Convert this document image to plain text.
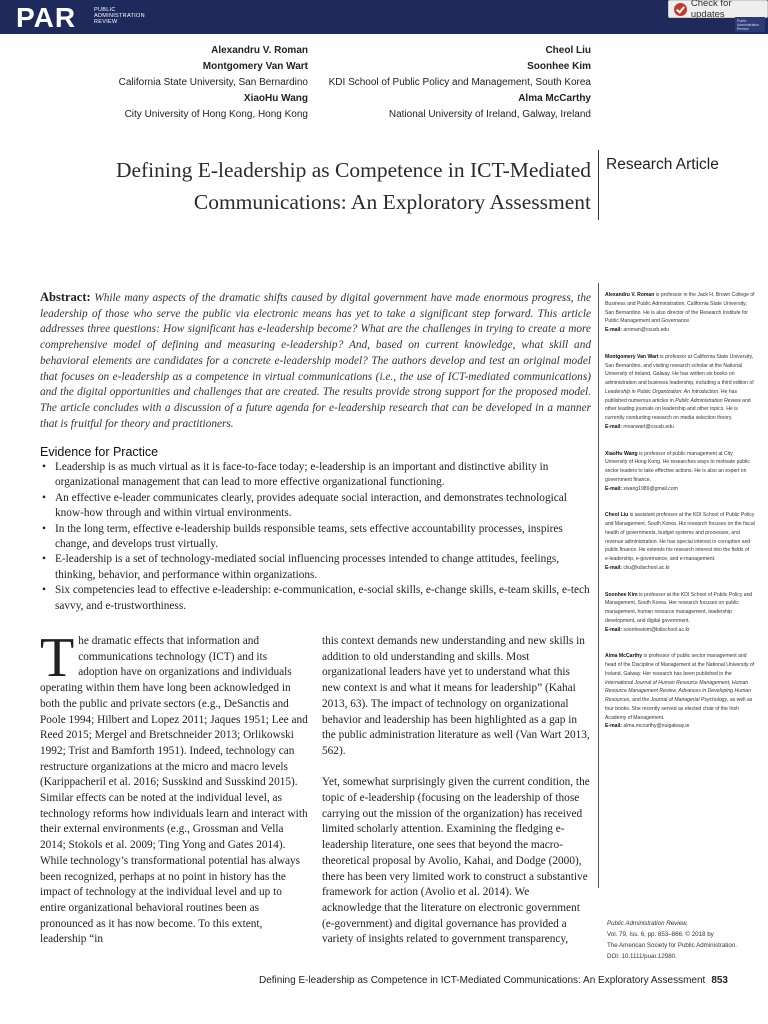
PAR	PUBLIC
ADMINISTRATION
REVIEW
Check for updates
Public Administration Review
Alexandru V. Roman
Montgomery Van Wart
California State University, San Bernardino
XiaoHu Wang
City University of Hong Kong, Hong Kong
Cheol Liu
Soonhee Kim
KDI School of Public Policy and Management, South Korea
Alma McCarthy
National University of Ireland, Galway, Ireland
Defining E-leadership as Competence in ICT-Mediated Communications: An Exploratory Assessment
Research Article
Abstract: While many aspects of the dramatic shifts caused by digital government have made enormous progress, the leadership of those who serve the public via electronic means has yet to take a significant step forward. This article addresses three questions: How significant has e-leadership become? What are the challenges in trying to create a more comprehensive model of defining and measuring e-leadership? And, based on current knowledge, what skill and behavioral elements are candidates for a concrete e-leadership model? The authors develop and test an original model that focuses on e-leadership as a competence in virtual communications (i.e., the use of ICT-mediated communications) and the digital opportunities and challenges that are created. The results provide strong support for the proposed model. The article concludes with a discussion of a future agenda for e-leadership research that can be developed in a manner that is fruitful for theory and practitioners.
Evidence for Practice
• Leadership is as much virtual as it is face-to-face today; e-leadership is an important and distinctive ability in organizational management that can lead to more effective organizational functioning.
• An effective e-leader communicates clearly, provides adequate social interaction, and demonstrates technological know-how through and within virtual environments.
• In the long term, effective e-leadership builds responsible teams, sets effective accountability processes, inspires change, and develops trust virtually.
• E-leadership is a set of technology-mediated social influencing processes intended to change attitudes, feelings, thinking, behavior, and performance within organizations.
• Six competencies lead to effective e-leadership: e-communication, e-social skills, e-change skills, e-team skills, e-tech savvy, and e-trustworthiness.

The dramatic effects that information and communications technology (ICT) and its adoption have on organizations and individuals operating within them have long been acknowledged in both the public and private sectors (e.g., DeSanctis and Poole 1994; Hilbert and Lopez 2011; Jaques 1951; Lee and Reed 2015; Mergel and Bretschneider 2013; Orlikowski 1992; Trist and Bamforth 1951). Indeed, technology can restructure organizations at the micro and macro levels (Karippacheril et al. 2016; Susskind and Susskind 2015). Similar effects can be noted at the individual level, as technology reforms how individuals learn and interact with their external environments (e.g., Grossman and Vella 2014; Stokols et al. 2009; Ting Yong and Gates 2014). While technology’s transformational potential has always been recognized, perhaps at no point in history has the impact of technology at the individual level and up to entire organizational behavioral routines been as pronounced as it has now become. To this extent, leadership “in

this context demands new understanding and new skills in addition to old understanding and skills. Most organizational leaders have yet to understand what this new context is and what it means for leadership” (Kahai 2013, 63). The impact of technology on organizational behavior and leadership has been highlighted as a gap in the public administration literature as well (Van Wart 2013, 562).

Yet, somewhat surprisingly given the current condition, the topic of e-leadership (focusing on the leadership of those carrying out the mission of the organization) has received limited scholarly attention. Examining the fledging e-leadership literature, one sees that beyond the macro-theoretical proposal by Avolio, Kahai, and Dodge (2000), there has been very limited work to construct a substantive framework for action (Avolio et al. 2014). We acknowledge that the literature on electronic government (e-government) and digital governance has provided a variety of insights related to government transparency,

Alexandru V. Roman is professor in the Jack H. Brown College of Business and Public Administration, California State University, San Bernardino. He is also director of the Research Institute for Public Management and Governance.
E-mail: aroman@csusb.edu
Montgomery Van Wart is professor at California State University, San Bernardino, and visiting research scholar at the National University of Ireland, Galway. He has written six books on administration and business leadership, including a third edition of Leadership in Public Organization: An Introduction. He has published numerous articles in Public Administration Review and other leading journals on leadership and other topics. He is currently conducting research on media selection theory.
E-mail: mvanwart@csusb.edu
XiaoHu Wang is professor of public management at City University of Hong Kong. He researches ways to motivate public sector leaders to take effective actions. He is also an expert on government finance.
E-mail: xwang1989@gmail.com
Cheol Liu is assistant professor at the KDI School of Public Policy and Management, South Korea. His research focuses on the fiscal health of governments, budget systems and processes, and revenue administration. He has special interest in corruption and public finance. He extends his research interest into the fields of e-leadership, e-governance, and e-management.
E-mail: cliu@kdischool.ac.kr
Soonhee Kim is professor at the KDI School of Public Policy and Management, South Korea. Her research focuses on public management, human resource management, leadership development, and digital government.
E-mail: soonheekim@kdischool.ac.kr
Alma McCarthy is professor of public sector management and head of the Discipline of Management at the National University of Ireland, Galway. Her research has been published in the International Journal of Human Resource Management, Human Resource Management Review, Advances in Developing Human Resources, and the Journal of Managerial Psychology, as well as four books. She recently served as elected chair of the Irish Academy of Management.
E-mail: alma.mccarthy@nuigalway.ie
Public Administration Review,
Vol. 79, Iss. 6, pp. 853–866. © 2018 by
The American Society for Public Administration.
DOI: 10.1111/puar.12980.
Defining E-leadership as Competence in ICT-Mediated Communications: An Exploratory Assessment 853
